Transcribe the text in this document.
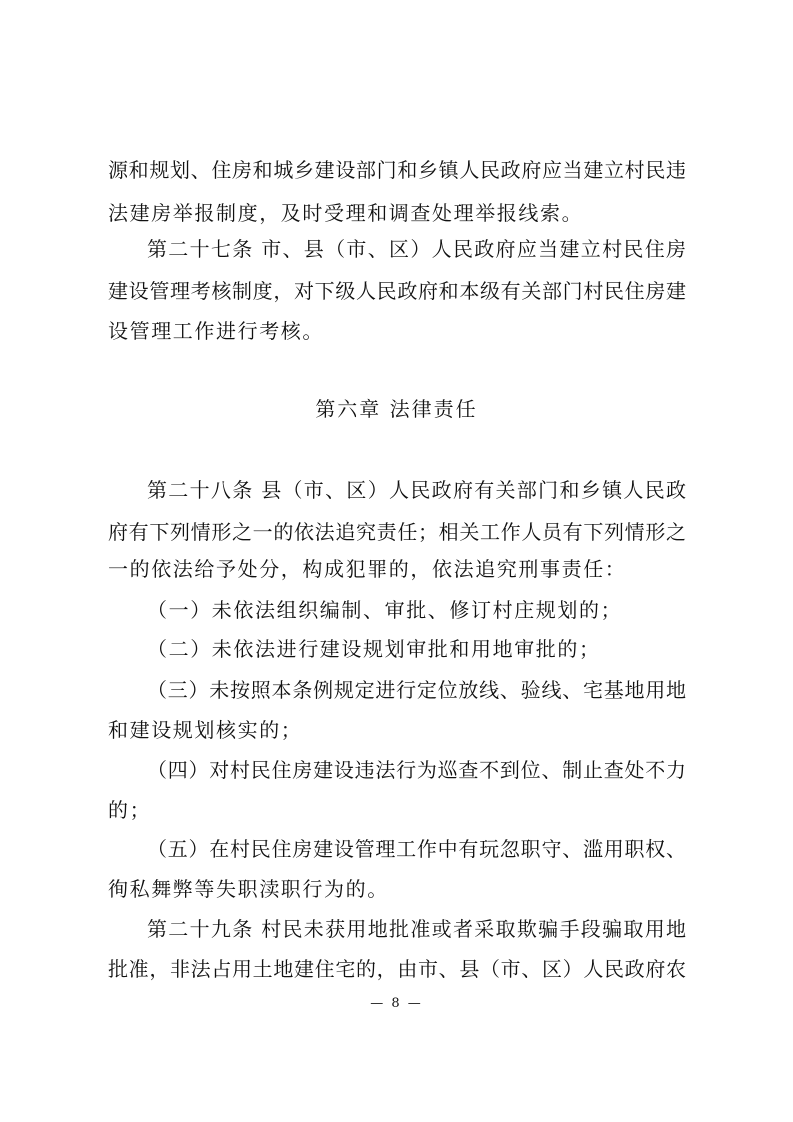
源和规划、住房和城乡建设部门和乡镇人民政府应当建立村民违
法建房举报制度，及时受理和调查处理举报线索。
第二十七条 市、县（市、区）人民政府应当建立村民住房
建设管理考核制度，对下级人民政府和本级有关部门村民住房建
设管理工作进行考核。
第六章 法律责任
第二十八条 县（市、区）人民政府有关部门和乡镇人民政
府有下列情形之一的依法追究责任；相关工作人员有下列情形之
一的依法给予处分，构成犯罪的，依法追究刑事责任：
（一）未依法组织编制、审批、修订村庄规划的；
（二）未依法进行建设规划审批和用地审批的；
（三）未按照本条例规定进行定位放线、验线、宅基地用地
和建设规划核实的；
（四）对村民住房建设违法行为巡查不到位、制止查处不力
的；
（五）在村民住房建设管理工作中有玩忽职守、滥用职权、
徇私舞弊等失职渎职行为的。
第二十九条 村民未获用地批准或者采取欺骗手段骗取用地
批准，非法占用土地建住宅的，由市、县（市、区）人民政府农
— 8 —
